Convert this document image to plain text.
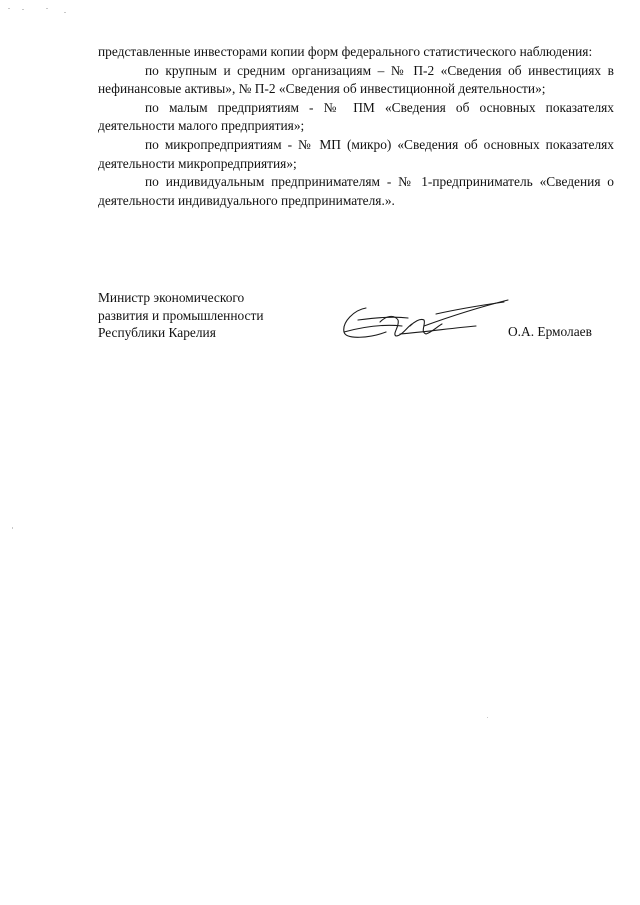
представленные инвесторами копии форм федерального статистического наблюдения:

по крупным и средним организациям – № П-2 «Сведения об инвестициях в нефинансовые активы», № П-2 «Сведения об инвестиционной деятельности»;

по малым предприятиям - № ПМ «Сведения об основных показателях деятельности малого предприятия»;

по микропредприятиям - № МП (микро) «Сведения об основных показателях деятельности микропредприятия»;

по индивидуальным предпринимателям - № 1-предприниматель «Сведения о деятельности индивидуального предпринимателя.».

Министр экономического
развития и промышленности
Республики Карелия	О.А. Ермолаев
